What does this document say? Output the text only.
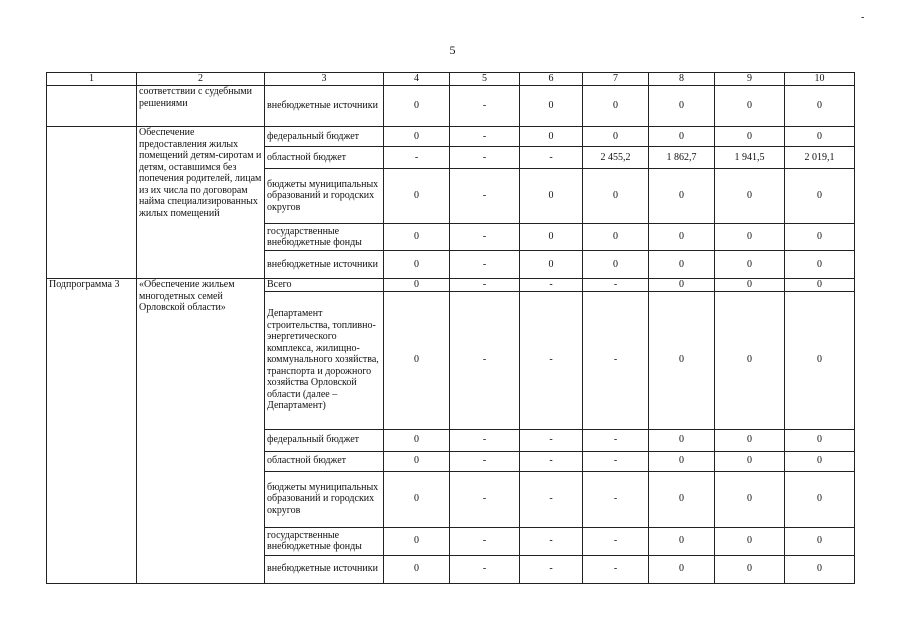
-
5
1	2	3	4	5	6	7	8	9	10
	соответствии с судебными решениями	внебюджетные источники	0	-	0	0	0	0	0
	Обеспечение предоставления жилых помещений детям-сиротам и детям, оставшимся без попечения родителей, лицам из их числа по договорам найма специализированных жилых помещений	федеральный бюджет	0	-	0	0	0	0	0
		областной бюджет	-	-	-	2 455,2	1 862,7	1 941,5	2 019,1
		бюджеты муниципальных образований и городских округов	0	-	0	0	0	0	0
		государственные внебюджетные фонды	0	-	0	0	0	0	0
		внебюджетные источники	0	-	0	0	0	0	0
Подпрограмма 3	«Обеспечение жильем многодетных семей Орловской области»	Всего	0	-	-	-	0	0	0
		Департамент строительства, топливно-энергетического комплекса, жилищно-коммунального хозяйства, транспорта и дорожного хозяйства Орловской области (далее – Департамент)	0	-	-	-	0	0	0
		федеральный бюджет	0	-	-	-	0	0	0
		областной бюджет	0	-	-	-	0	0	0
		бюджеты муниципальных образований и городских округов	0	-	-	-	0	0	0
		государственные внебюджетные фонды	0	-	-	-	0	0	0
		внебюджетные источники	0	-	-	-	0	0	0
